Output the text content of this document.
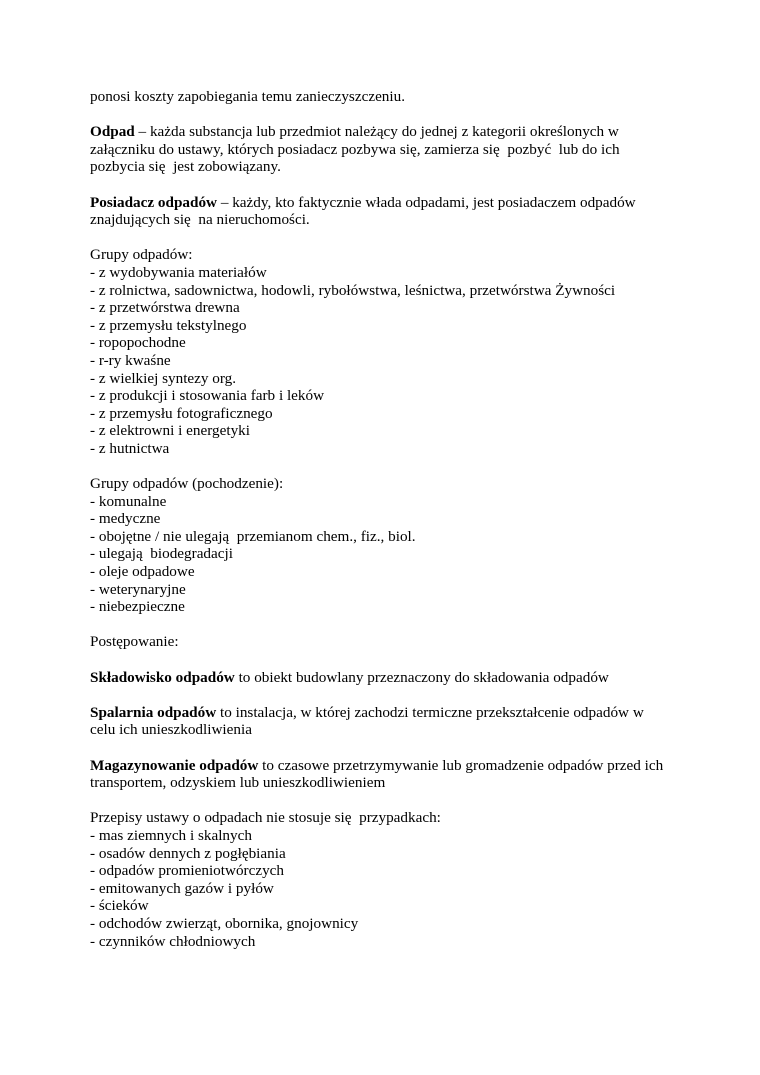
ponosi koszty zapobiegania temu zanieczyszczeniu.

Odpad – każda substancja lub przedmiot należący do jednej z kategorii określonych w

załączniku do ustawy, których posiadacz pozbywa się, zamierza się  pozbyć  lub do ich

pozbycia się  jest zobowiązany.

Posiadacz odpadów – każdy, kto faktycznie włada odpadami, jest posiadaczem odpadów

znajdujących się  na nieruchomości.

Grupy odpadów:

- z wydobywania materiałów
- z rolnictwa, sadownictwa, hodowli, rybołówstwa, leśnictwa, przetwórstwa Żywności
- z przetwórstwa drewna
- z przemysłu tekstylnego
- ropopochodne
- r-ry kwaśne
- z wielkiej syntezy org.
- z produkcji i stosowania farb i leków
- z przemysłu fotograficznego
- z elektrowni i energetyki
- z hutnictwa

Grupy odpadów (pochodzenie):

- komunalne
- medyczne
- obojętne / nie ulegają  przemianom chem., fiz., biol.
- ulegają  biodegradacji
- oleje odpadowe
- weterynaryjne
- niebezpieczne

Postępowanie:

Składowisko odpadów to obiekt budowlany przeznaczony do składowania odpadów

Spalarnia odpadów to instalacja, w której zachodzi termiczne przekształcenie odpadów w

celu ich unieszkodliwienia

Magazynowanie odpadów to czasowe przetrzymywanie lub gromadzenie odpadów przed ich

transportem, odzyskiem lub unieszkodliwieniem

Przepisy ustawy o odpadach nie stosuje się  przypadkach:

- mas ziemnych i skalnych
- osadów dennych z pogłębiania
- odpadów promieniotwórczych
- emitowanych gazów i pyłów
- ścieków
- odchodów zwierząt, obornika, gnojownicy
- czynników chłodniowych
